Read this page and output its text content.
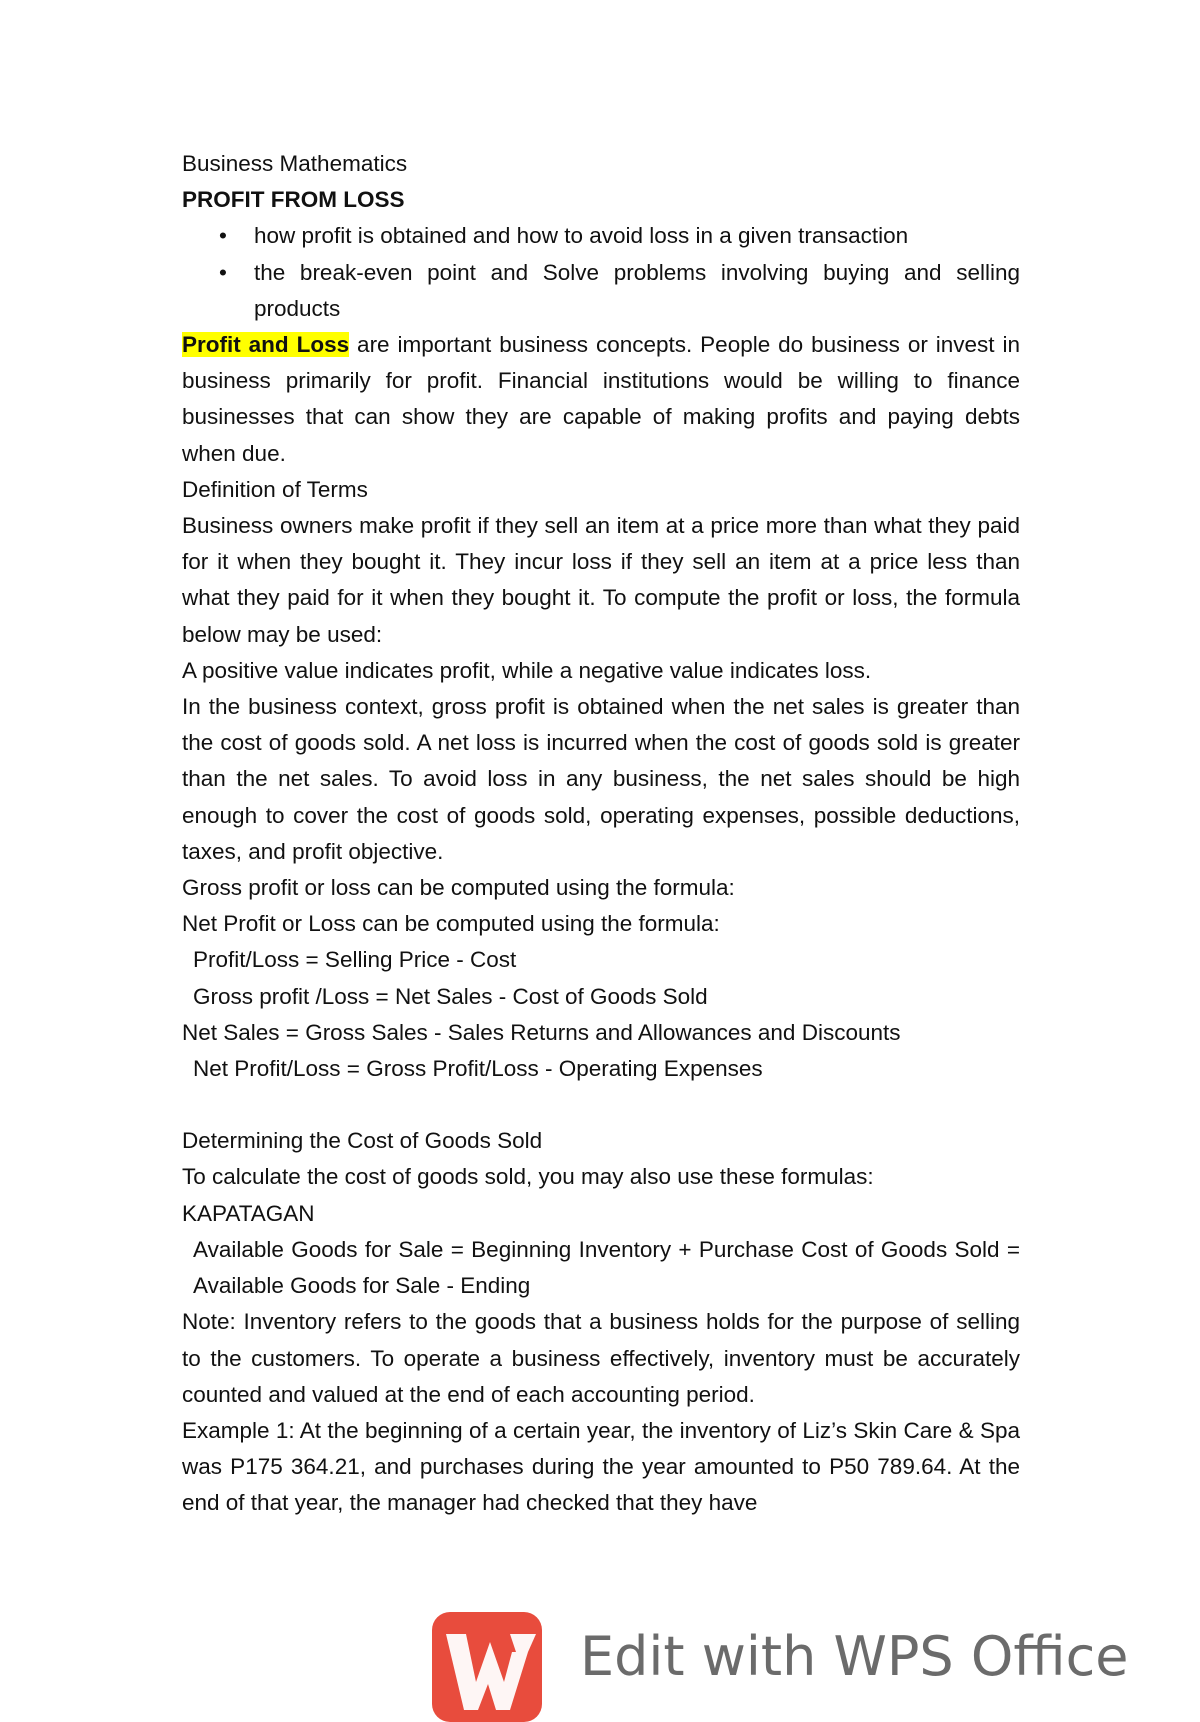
Business Mathematics

PROFIT FROM LOSS

• how profit is obtained and how to avoid loss in a given transaction
• the break-even point and Solve problems involving buying and selling products

Profit and Loss are important business concepts. People do business or invest in business primarily for profit. Financial institutions would be willing to finance businesses that can show they are capable of making profits and paying debts when due.

Definition of Terms

Business owners make profit if they sell an item at a price more than what they paid for it when they bought it. They incur loss if they sell an item at a price less than what they paid for it when they bought it. To compute the profit or loss, the formula below may be used:

A positive value indicates profit, while a negative value indicates loss.

In the business context, gross profit is obtained when the net sales is greater than the cost of goods sold. A net loss is incurred when the cost of goods sold is greater than the net sales. To avoid loss in any business, the net sales should be high enough to cover the cost of goods sold, operating expenses, possible deductions, taxes, and profit objective.

Gross profit or loss can be computed using the formula:

Net Profit or Loss can be computed using the formula:

Profit/Loss = Selling Price - Cost

Gross profit /Loss = Net Sales - Cost of Goods Sold

Net Sales = Gross Sales - Sales Returns and Allowances and Discounts

Net Profit/Loss = Gross Profit/Loss - Operating Expenses

Determining the Cost of Goods Sold

To calculate the cost of goods sold, you may also use these formulas:

KAPATAGAN

Available Goods for Sale = Beginning Inventory + Purchase Cost of Goods Sold = Available Goods for Sale - Ending

Note: Inventory refers to the goods that a business holds for the purpose of selling to the customers. To operate a business effectively, inventory must be accurately counted and valued at the end of each accounting period.

Example 1: At the beginning of a certain year, the inventory of Liz’s Skin Care & Spa was P175 364.21, and purchases during the year amounted to P50 789.64. At the end of that year, the manager had checked that they have

Edit with WPS Office
